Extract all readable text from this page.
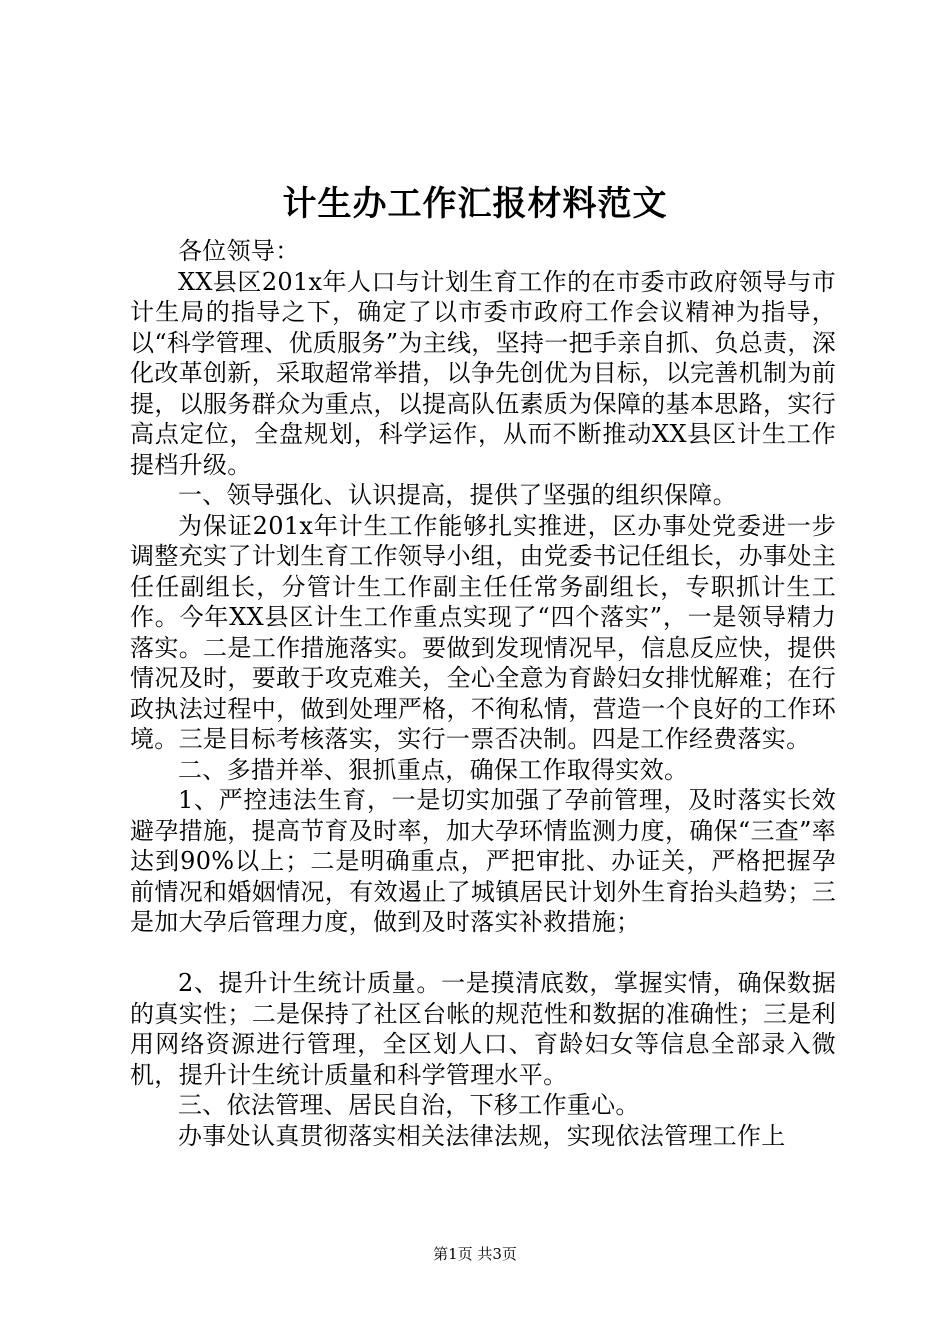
计生办工作汇报材料范文

各位领导：

XX县区201x年人口与计划生育工作的在市委市政府领导与市计生局的指导之下，确定了以市委市政府工作会议精神为指导，以“科学管理、优质服务”为主线，坚持一把手亲自抓、负总责，深化改革创新，采取超常举措，以争先创优为目标，以完善机制为前提，以服务群众为重点，以提高队伍素质为保障的基本思路，实行高点定位，全盘规划，科学运作，从而不断推动XX县区计生工作提档升级。

一、领导强化、认识提高，提供了坚强的组织保障。

为保证201x年计生工作能够扎实推进，区办事处党委进一步调整充实了计划生育工作领导小组，由党委书记任组长，办事处主任任副组长，分管计生工作副主任任常务副组长，专职抓计生工作。今年XX县区计生工作重点实现了“四个落实”，一是领导精力落实。二是工作措施落实。要做到发现情况早，信息反应快，提供情况及时，要敢于攻克难关，全心全意为育龄妇女排忧解难；在行政执法过程中，做到处理严格，不徇私情，营造一个良好的工作环境。三是目标考核落实，实行一票否决制。四是工作经费落实。

二、多措并举、狠抓重点，确保工作取得实效。

1、严控违法生育，一是切实加强了孕前管理，及时落实长效避孕措施，提高节育及时率，加大孕环情监测力度，确保“三查”率达到90%以上；二是明确重点，严把审批、办证关，严格把握孕前情况和婚姻情况，有效遏止了城镇居民计划外生育抬头趋势；三是加大孕后管理力度，做到及时落实补救措施；

2、提升计生统计质量。一是摸清底数，掌握实情，确保数据的真实性；二是保持了社区台帐的规范性和数据的准确性；三是利用网络资源进行管理，全区划人口、育龄妇女等信息全部录入微机，提升计生统计质量和科学管理水平。

三、依法管理、居民自治，下移工作重心。

办事处认真贯彻落实相关法律法规，实现依法管理工作上

第1页 共3页
